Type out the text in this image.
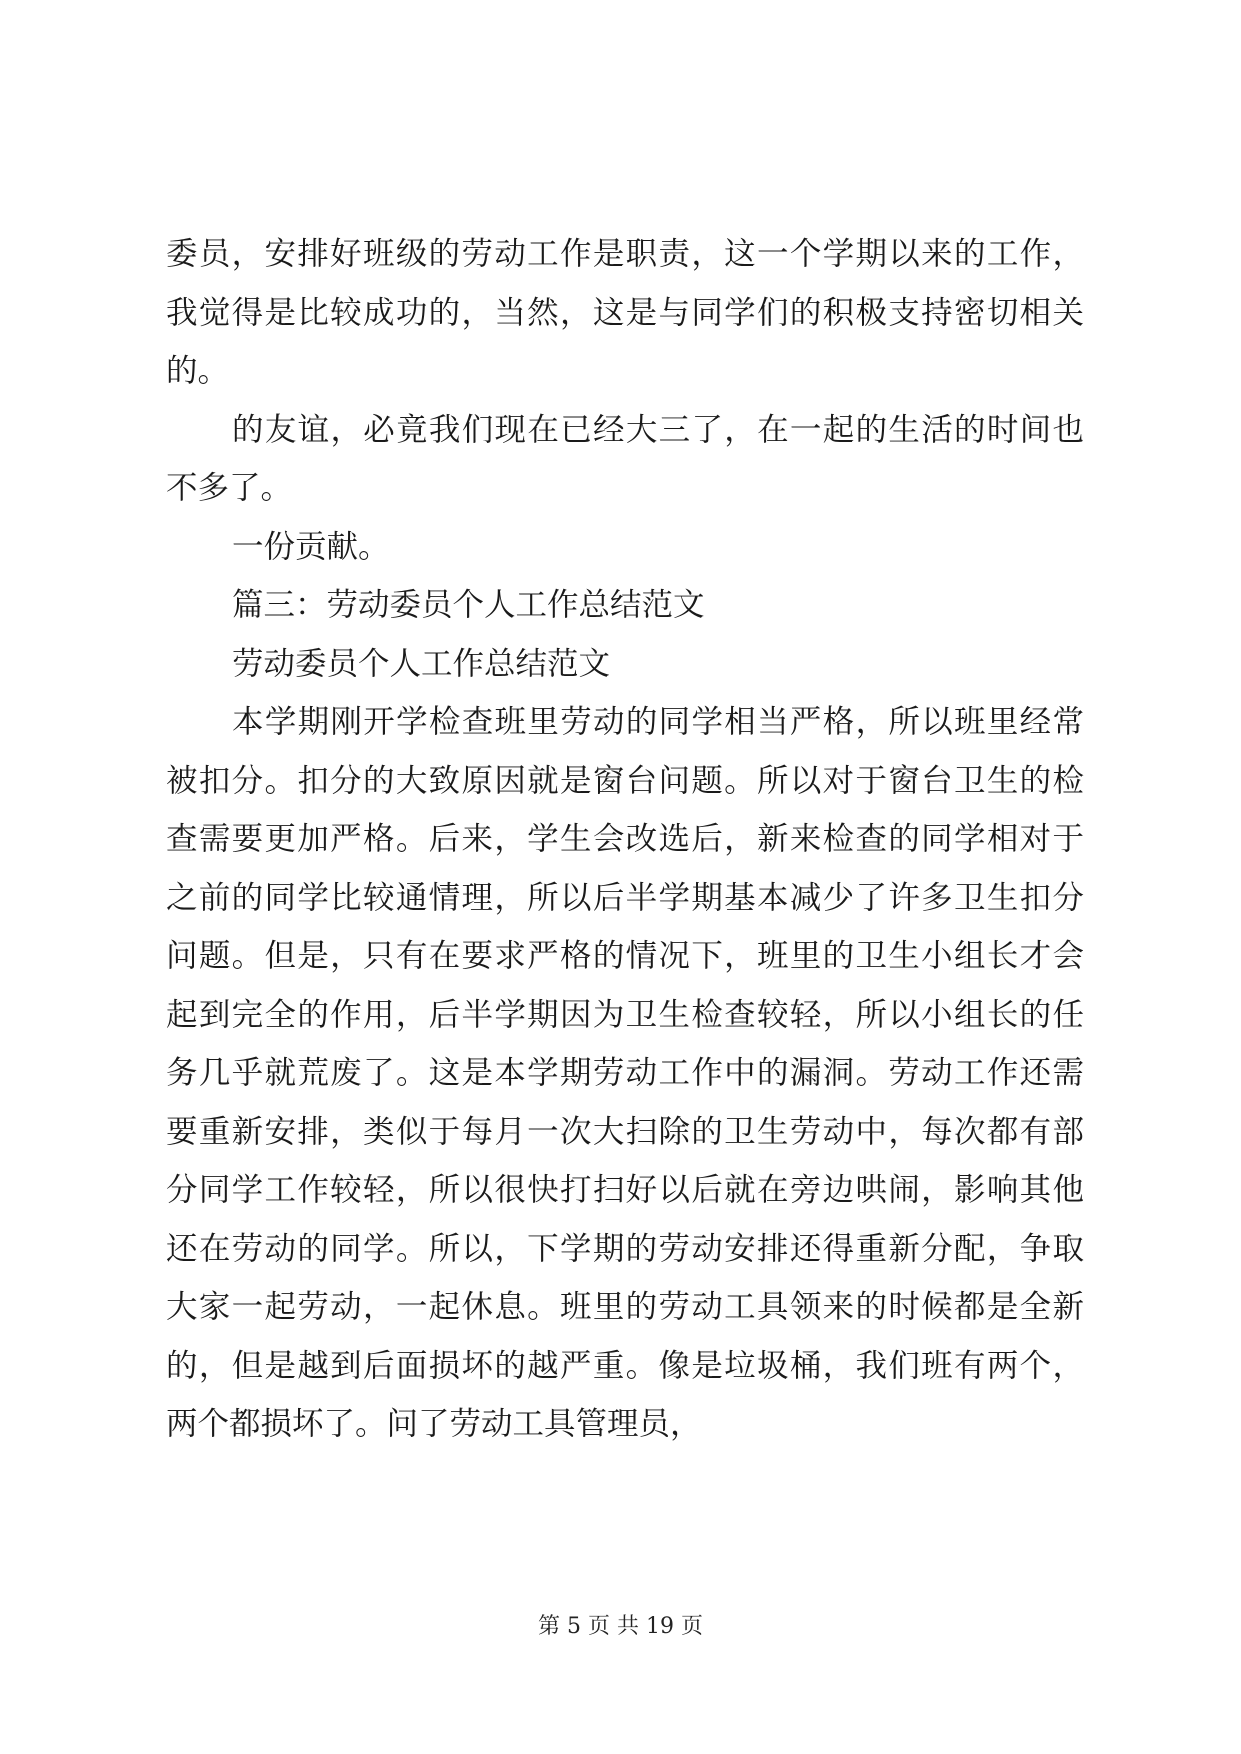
委员，安排好班级的劳动工作是职责，这一个学期以来的工作，
我觉得是比较成功的，当然，这是与同学们的积极支持密切相关
的。
的友谊，必竟我们现在已经大三了，在一起的生活的时间也
不多了。
一份贡献。
篇三：劳动委员个人工作总结范文
劳动委员个人工作总结范文
本学期刚开学检查班里劳动的同学相当严格，所以班里经常
被扣分。扣分的大致原因就是窗台问题。所以对于窗台卫生的检
查需要更加严格。后来，学生会改选后，新来检查的同学相对于
之前的同学比较通情理，所以后半学期基本减少了许多卫生扣分
问题。但是，只有在要求严格的情况下，班里的卫生小组长才会
起到完全的作用，后半学期因为卫生检查较轻，所以小组长的任
务几乎就荒废了。这是本学期劳动工作中的漏洞。劳动工作还需
要重新安排，类似于每月一次大扫除的卫生劳动中，每次都有部
分同学工作较轻，所以很快打扫好以后就在旁边哄闹，影响其他
还在劳动的同学。所以，下学期的劳动安排还得重新分配，争取
大家一起劳动，一起休息。班里的劳动工具领来的时候都是全新
的，但是越到后面损坏的越严重。像是垃圾桶，我们班有两个，
两个都损坏了。问了劳动工具管理员，
第 5 页 共 19 页
